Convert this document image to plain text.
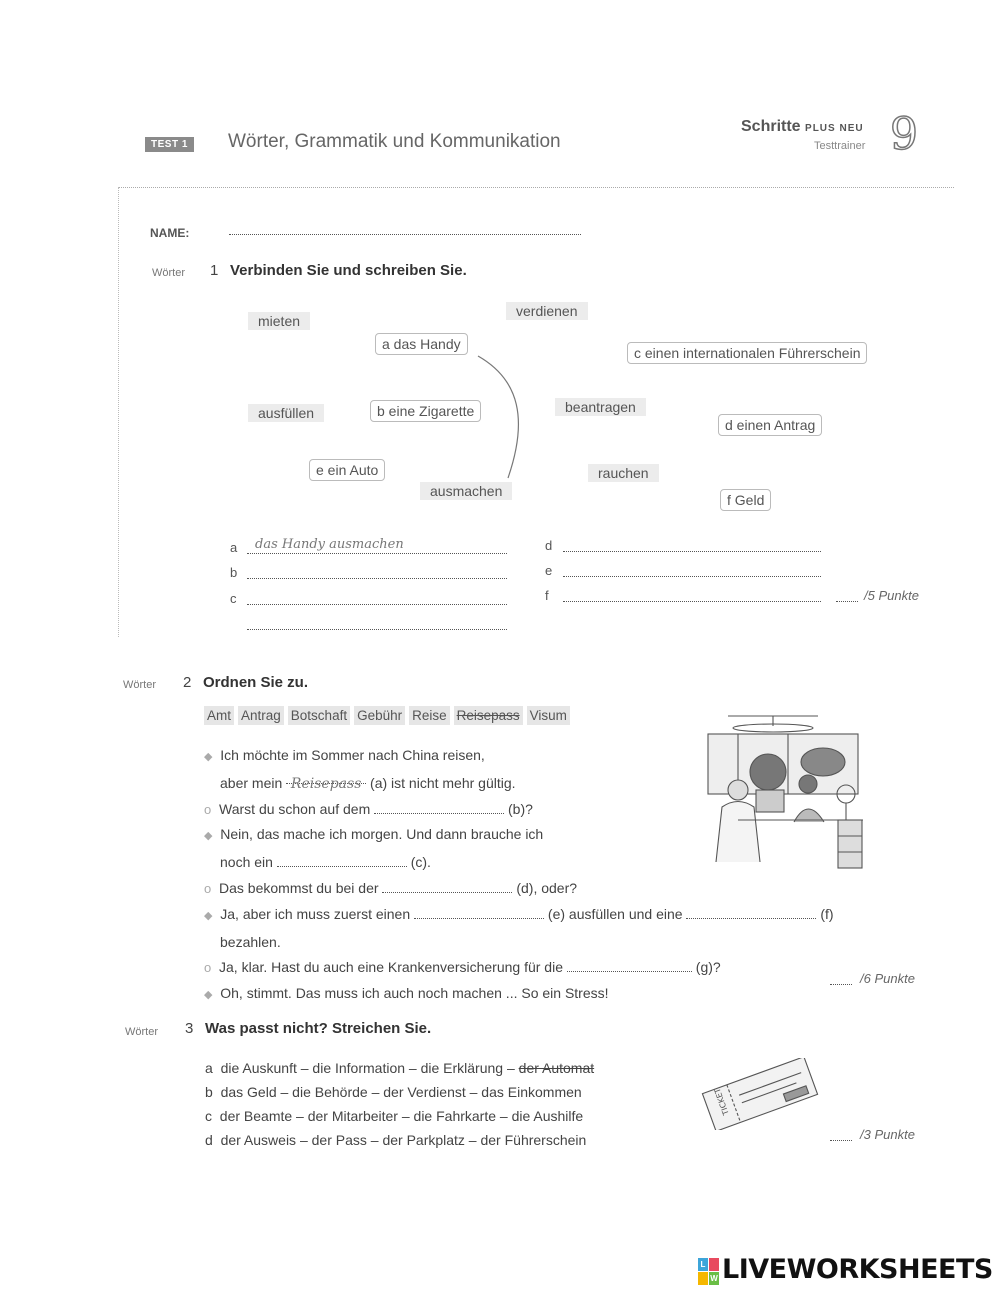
TEST 1	Wörter, Grammatik und Kommunikation
Schritte PLUS NEU
Testtrainer 9
NAME:
Wörter 1 Verbinden Sie und schreiben Sie.
mieten
verdienen
ausfüllen	beantragen
ausmachen
rauchen
a das Handy
b eine Zigarette
c einen internationalen Führerschein
d einen Antrag
e ein Auto
f Geld
a das Handy ausmachen
b
c
d
e
f	/5 Punkte
Wörter 2 Ordnen Sie zu.
Amt Antrag Botschaft Gebühr Reise Reisepass Visum
◆ Ich möchte im Sommer nach China reisen,
aber mein Reisepass (a) ist nicht mehr gültig.
o Warst du schon auf dem	(b)?
◆ Nein, das mache ich morgen. Und dann brauche ich
noch ein	(c).
o Das bekommst du bei der	(d), oder?
◆ Ja, aber ich muss zuerst einen	(e) ausfüllen und eine	(f)
bezahlen.
o Ja, klar. Hast du auch eine Krankenversicherung für die	(g)?
◆ Oh, stimmt. Das muss ich auch noch machen ... So ein Stress!
/6 Punkte
Wörter 3 Was passt nicht? Streichen Sie.
a die Auskunft – die Information – die Erklärung – der Automat
b das Geld – die Behörde – der Verdienst – das Einkommen
c der Beamte – der Mitarbeiter – die Fahrkarte – die Aushilfe
d der Ausweis – der Pass – der Parkplatz – der Führerschein
TICKET
/3 Punkte
L
W LIVEWORKSHEETS
